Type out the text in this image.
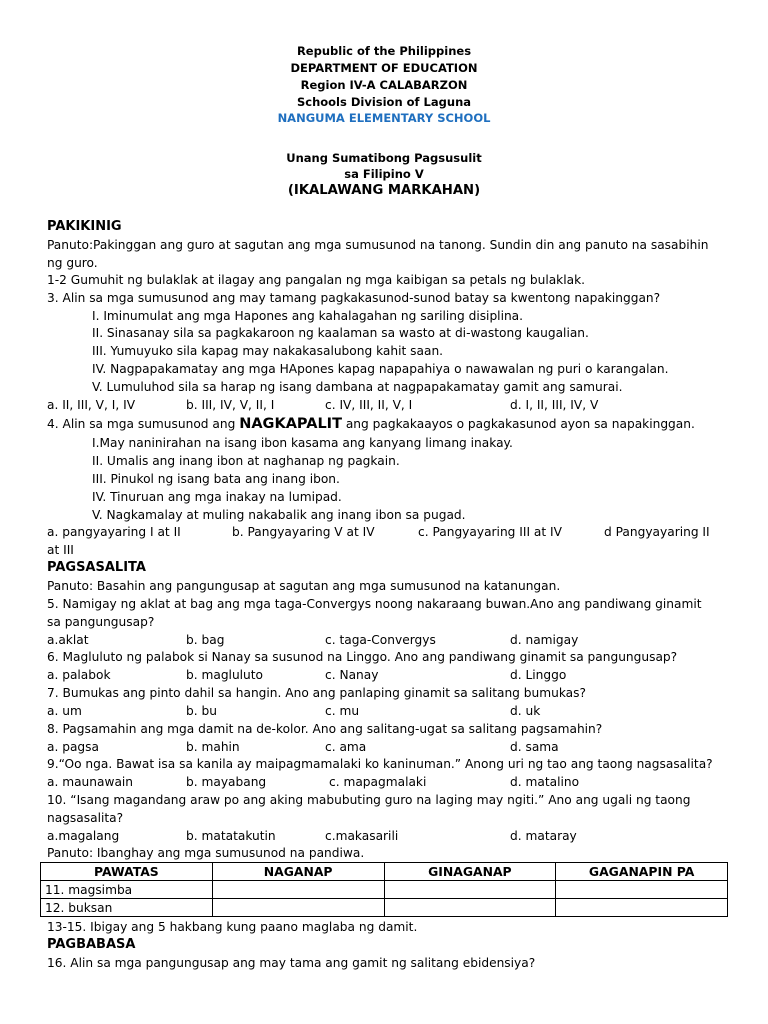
Republic of the Philippines
DEPARTMENT OF EDUCATION
Region IV-A CALABARZON
Schools Division of Laguna
NANGUMA ELEMENTARY SCHOOL
Unang Sumatibong Pagsusulit
sa Filipino V
(IKALAWANG MARKAHAN)
PAKIKINIG
Panuto:Pakinggan ang guro at sagutan ang mga sumusunod na tanong. Sundin din ang panuto na sasabihin
ng guro.
1-2 Gumuhit ng bulaklak at ilagay ang pangalan ng mga kaibigan sa petals ng bulaklak.
3. Alin sa mga sumusunod ang may tamang pagkakasunod-sunod batay sa kwentong napakinggan?
I. Iminumulat ang mga Hapones ang kahalagahan ng sariling disiplina.
II. Sinasanay sila sa pagkakaroon ng kaalaman sa wasto at di-wastong kaugalian.
III. Yumuyuko sila kapag may nakakasalubong kahit saan.
IV. Nagpapakamatay ang mga HApones kapag napapahiya o nawawalan ng puri o karangalan.
V. Lumuluhod sila sa harap ng isang dambana at nagpapakamatay gamit ang samurai.
a. II, III, V, I, IV	b. III, IV, V, II, I	c. IV, III, II, V, I	d. I, II, III, IV, V
4. Alin sa mga sumusunod ang NAGKAPALIT ang pagkakaayos o pagkakasunod ayon sa napakinggan.
I.May naninirahan na isang ibon kasama ang kanyang limang inakay.
II. Umalis ang inang ibon at naghanap ng pagkain.
III. Pinukol ng isang bata ang inang ibon.
IV. Tinuruan ang mga inakay na lumipad.
V. Nagkamalay at muling nakabalik ang inang ibon sa pugad.
a. pangyayaring I at II	b. Pangyayaring V at IV	c. Pangyayaring III at IV	d Pangyayaring II
at III
PAGSASALITA
Panuto: Basahin ang pangungusap at sagutan ang mga sumusunod na katanungan.
5. Namigay ng aklat at bag ang mga taga-Convergys noong nakaraang buwan.Ano ang pandiwang ginamit
sa pangungusap?
a.aklat	b. bag	c. taga-Convergys	d. namigay
6. Magluluto ng palabok si Nanay sa susunod na Linggo. Ano ang pandiwang ginamit sa pangungusap?
a. palabok	b. magluluto	c. Nanay	d. Linggo
7. Bumukas ang pinto dahil sa hangin. Ano ang panlaping ginamit sa salitang bumukas?
a. um	b. bu	c. mu	d. uk
8. Pagsamahin ang mga damit na de-kolor. Ano ang salitang-ugat sa salitang pagsamahin?
a. pagsa	b. mahin	c. ama	d. sama
9.“Oo nga. Bawat isa sa kanila ay maipagmamalaki ko kaninuman.” Anong uri ng tao ang taong nagsasalita?
a. maunawain	b. mayabang	c. mapagmalaki	d. matalino
10. “Isang magandang araw po ang aking mabubuting guro na laging may ngiti.” Ano ang ugali ng taong
nagsasalita?
a.magalang	b. matatakutin	c.makasarili	d. mataray
Panuto: Ibanghay ang mga sumusunod na pandiwa.
PAWATAS	NAGANAP	GINAGANAP	GAGANAPIN PA
11. magsimba			
12. buksan			
13-15. Ibigay ang 5 hakbang kung paano maglaba ng damit.
PAGBABASA
16. Alin sa mga pangungusap ang may tama ang gamit ng salitang ebidensiya?
